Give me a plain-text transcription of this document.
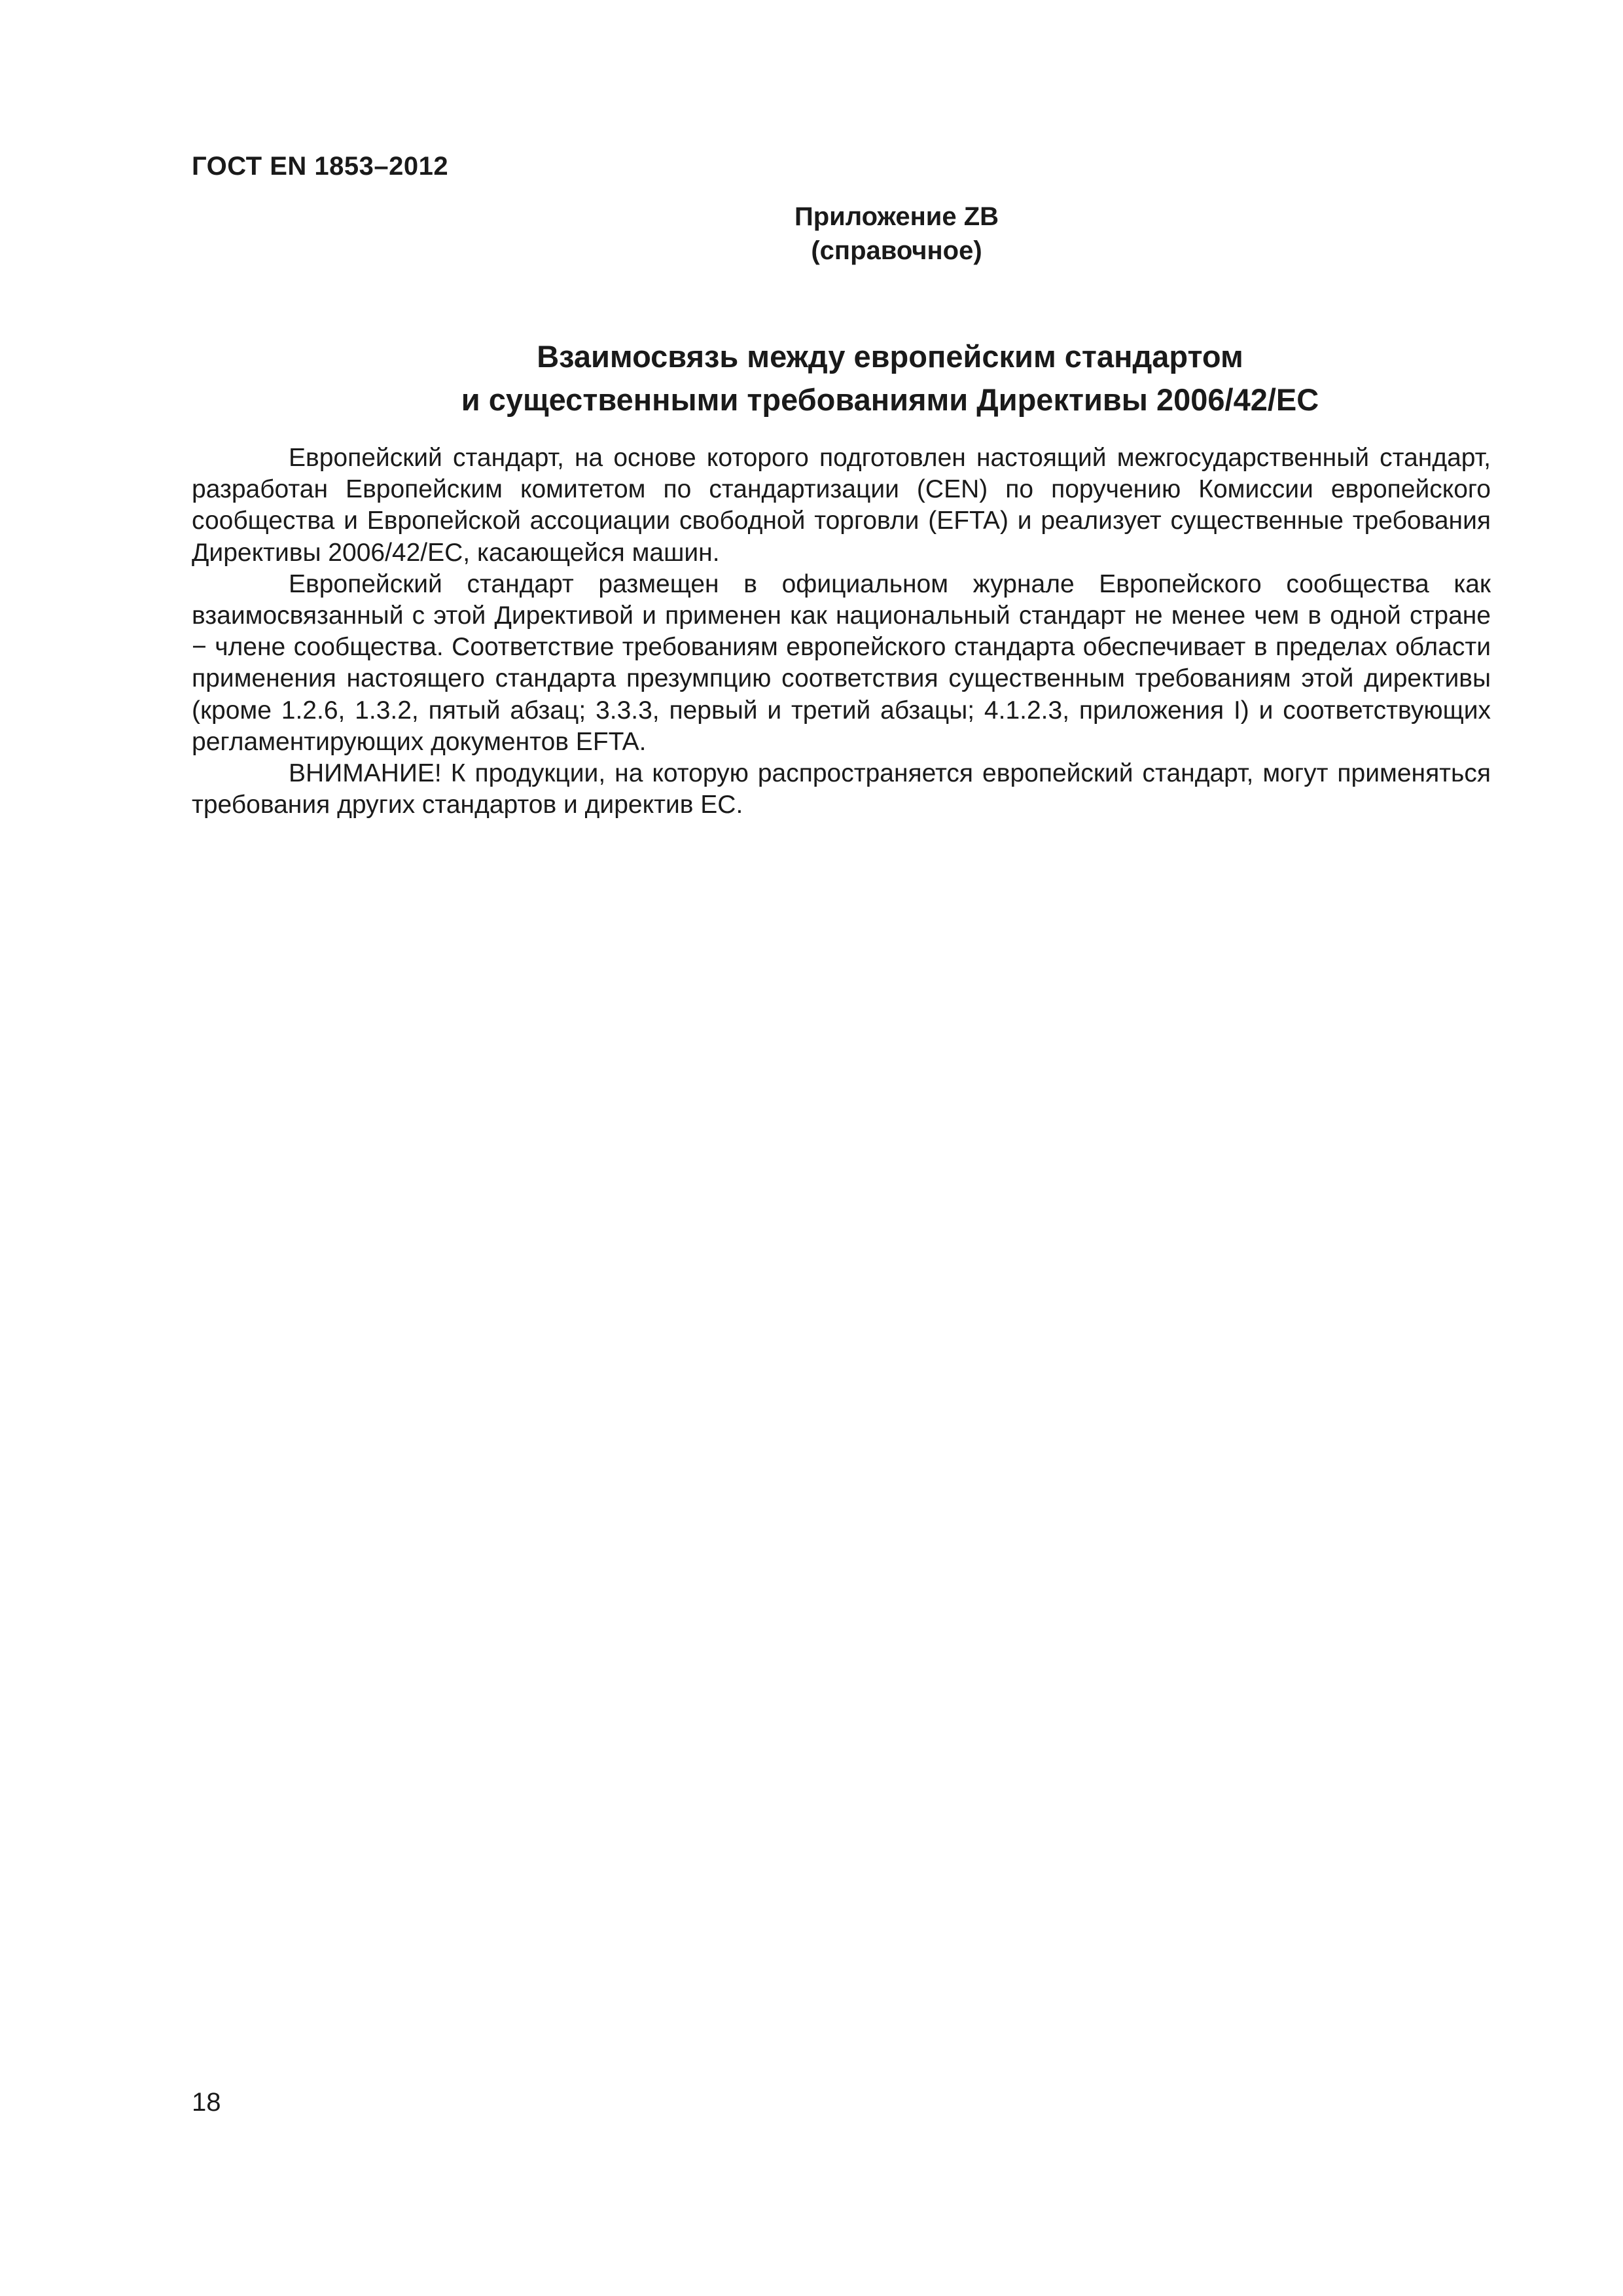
ГОСТ EN 1853–2012
Приложение ZB
(справочное)
Взаимосвязь между европейским стандартом
и существенными требованиями Директивы 2006/42/ЕС

Европейский стандарт, на основе которого подготовлен настоящий межгосударственный стандарт, разработан Европейским комитетом по стандартизации (CEN) по поручению Комиссии европейского сообщества и Европейской ассоциации свободной торговли (EFTA) и реализует существенные требования Директивы 2006/42/ЕС, касающейся машин.

Европейский стандарт размещен в официальном журнале Европейского сообщества как взаимосвязанный с этой Директивой и применен как национальный стандарт не менее чем в одной стране − члене сообщества. Соответствие требованиям европейского стандарта обеспечивает в пределах области применения настоящего стандарта презумпцию соответствия существенным требованиям этой директивы (кроме 1.2.6, 1.3.2, пятый абзац; 3.3.3, первый и третий абзацы; 4.1.2.3, приложения I) и соответствующих регламентирующих документов EFTA.

ВНИМАНИЕ! К продукции, на которую распространяется европейский стандарт, могут применяться требования других стандартов и директив ЕС.

18
